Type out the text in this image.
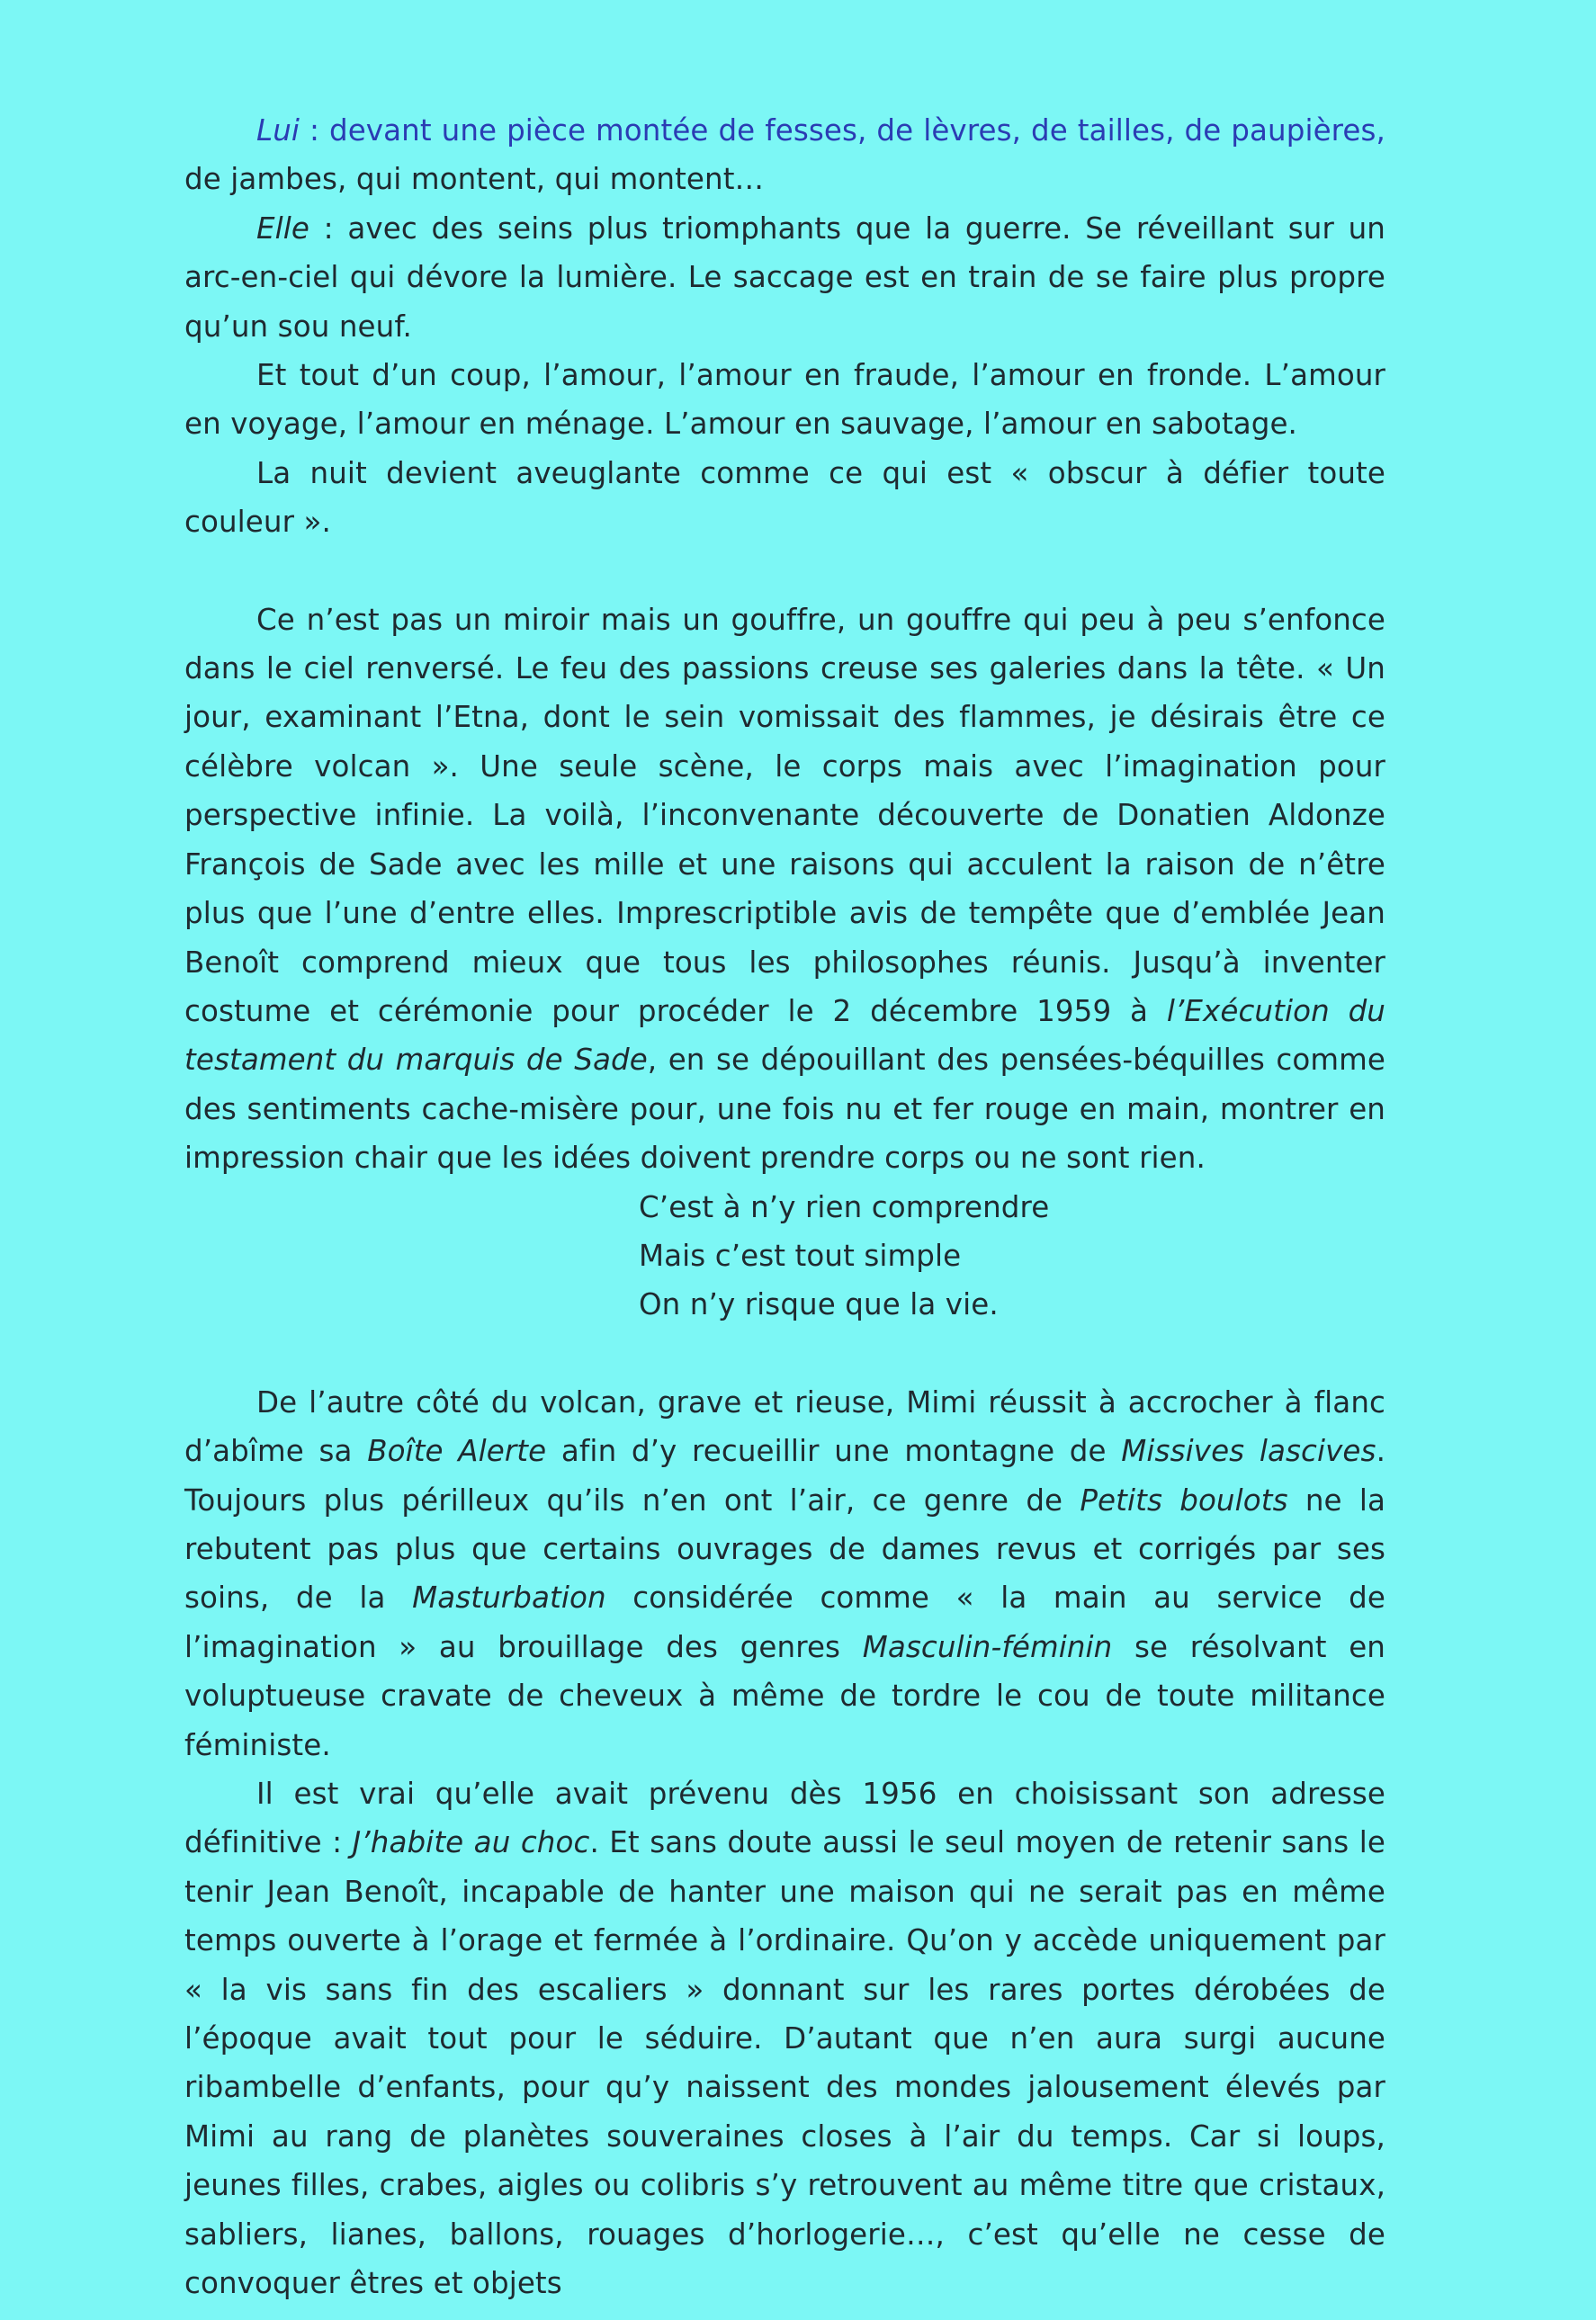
Lui : devant une pièce montée de fesses, de lèvres, de tailles, de paupières, de jambes, qui montent, qui montent…

Elle : avec des seins plus triomphants que la guerre. Se réveillant sur un arc-en-ciel qui dévore la lumière. Le saccage est en train de se faire plus propre qu’un sou neuf.

Et tout d’un coup, l’amour, l’amour en fraude, l’amour en fronde. L’amour en voyage, l’amour en ménage. L’amour en sauvage, l’amour en sabotage.

La nuit devient aveuglante comme ce qui est « obscur à défier toute couleur ».

Ce n’est pas un miroir mais un gouffre, un gouffre qui peu à peu s’enfonce dans le ciel renversé. Le feu des passions creuse ses galeries dans la tête. « Un jour, examinant l’Etna, dont le sein vomissait des flammes, je désirais être ce célèbre volcan ». Une seule scène, le corps mais avec l’imagination pour perspective infinie. La voilà, l’inconvenante découverte de Donatien Aldonze François de Sade avec les mille et une raisons qui acculent la raison de n’être plus que l’une d’entre elles. Imprescriptible avis de tempête que d’emblée Jean Benoît comprend mieux que tous les philosophes réunis. Jusqu’à inventer costume et cérémonie pour procéder le 2 décembre 1959 à l’Exécution du testament du marquis de Sade, en se dépouillant des pensées-béquilles comme des sentiments cache-misère pour, une fois nu et fer rouge en main, montrer en impression chair que les idées doivent prendre corps ou ne sont rien.

C’est à n’y rien comprendre
Mais c’est tout simple
On n’y risque que la vie.

De l’autre côté du volcan, grave et rieuse, Mimi réussit à accrocher à flanc d’abîme sa Boîte Alerte afin d’y recueillir une montagne de Missives lascives. Toujours plus périlleux qu’ils n’en ont l’air, ce genre de Petits boulots ne la rebutent pas plus que certains ouvrages de dames revus et corrigés par ses soins, de la Masturbation considérée comme « la main au service de l’imagination » au brouillage des genres Masculin-féminin se résolvant en voluptueuse cravate de cheveux à même de tordre le cou de toute militance féministe.

Il est vrai qu’elle avait prévenu dès 1956 en choisissant son adresse définitive : J’habite au choc. Et sans doute aussi le seul moyen de retenir sans le tenir Jean Benoît, incapable de hanter une maison qui ne serait pas en même temps ouverte à l’orage et fermée à l’ordinaire. Qu’on y accède uniquement par « la vis sans fin des escaliers » donnant sur les rares portes dérobées de l’époque avait tout pour le séduire. D’autant que n’en aura surgi aucune ribambelle d’enfants, pour qu’y naissent des mondes jalousement élevés par Mimi au rang de planètes souveraines closes à l’air du temps. Car si loups, jeunes filles, crabes, aigles ou colibris s’y retrouvent au même titre que cristaux, sabliers, lianes, ballons, rouages d’horlogerie…, c’est qu’elle ne cesse de convoquer êtres et objets
